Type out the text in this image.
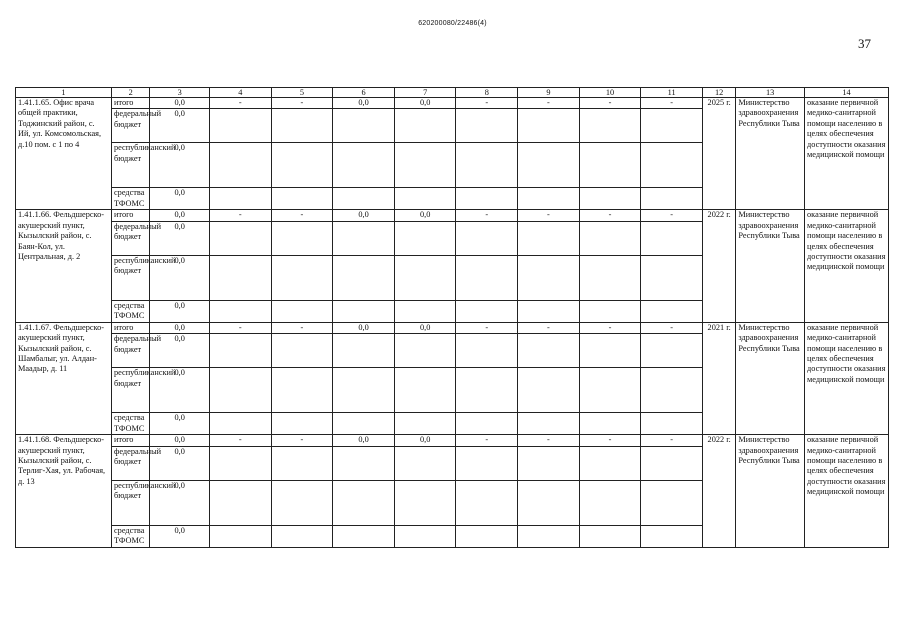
620200080/22486(4)
37
1	2	3	4	5	6	7	8	9	10	11	12	13	14
1.41.1.65. Офис врача общей практики, Тоджинский район, с. Ий, ул. Комсомольская, д.10 пом. с 1 по 4	итого	0,0	-	-	0,0	0,0	-	-	-	-	2025 г.	Министерство здравоохранения Республики Тыва	оказание первичной медико-санитарной помощи населению в целях обеспечения доступности оказания медицинской помощи
	федеральный бюджет	0,0											
	республиканский бюджет	0,0											
	средства ТФОМС	0,0											
1.41.1.66. Фельдшерско-акушерский пункт, Кызылский район, с. Баян-Кол, ул. Центральная, д. 2	итого	0,0	-	-	0,0	0,0	-	-	-	-	2022 г.	Министерство здравоохранения Республики Тыва	оказание первичной медико-санитарной помощи населению в целях обеспечения доступности оказания медицинской помощи
	федеральный бюджет	0,0											
	республиканский бюджет	0,0											
	средства ТФОМС	0,0											
1.41.1.67. Фельдшерско-акушерский пункт, Кызылский район, с. Шамбалыг, ул. Алдан-Маадыр, д. 11	итого	0,0	-	-	0,0	0,0	-	-	-	-	2021 г.	Министерство здравоохранения Республики Тыва	оказание первичной медико-санитарной помощи населению в целях обеспечения доступности оказания медицинской помощи
	федеральный бюджет	0,0											
	республиканский бюджет	0,0											
	средства ТФОМС	0,0											
1.41.1.68. Фельдшерско-акушерский пункт, Кызылский район, с. Терлиг-Хая, ул. Рабочая, д. 13	итого	0,0	-	-	0,0	0,0	-	-	-	-	2022 г.	Министерство здравоохранения Республики Тыва	оказание первичной медико-санитарной помощи населению в целях обеспечения доступности оказания медицинской помощи
	федеральный бюджет	0,0											
	республиканский бюджет	0,0											
	средства ТФОМС	0,0											
